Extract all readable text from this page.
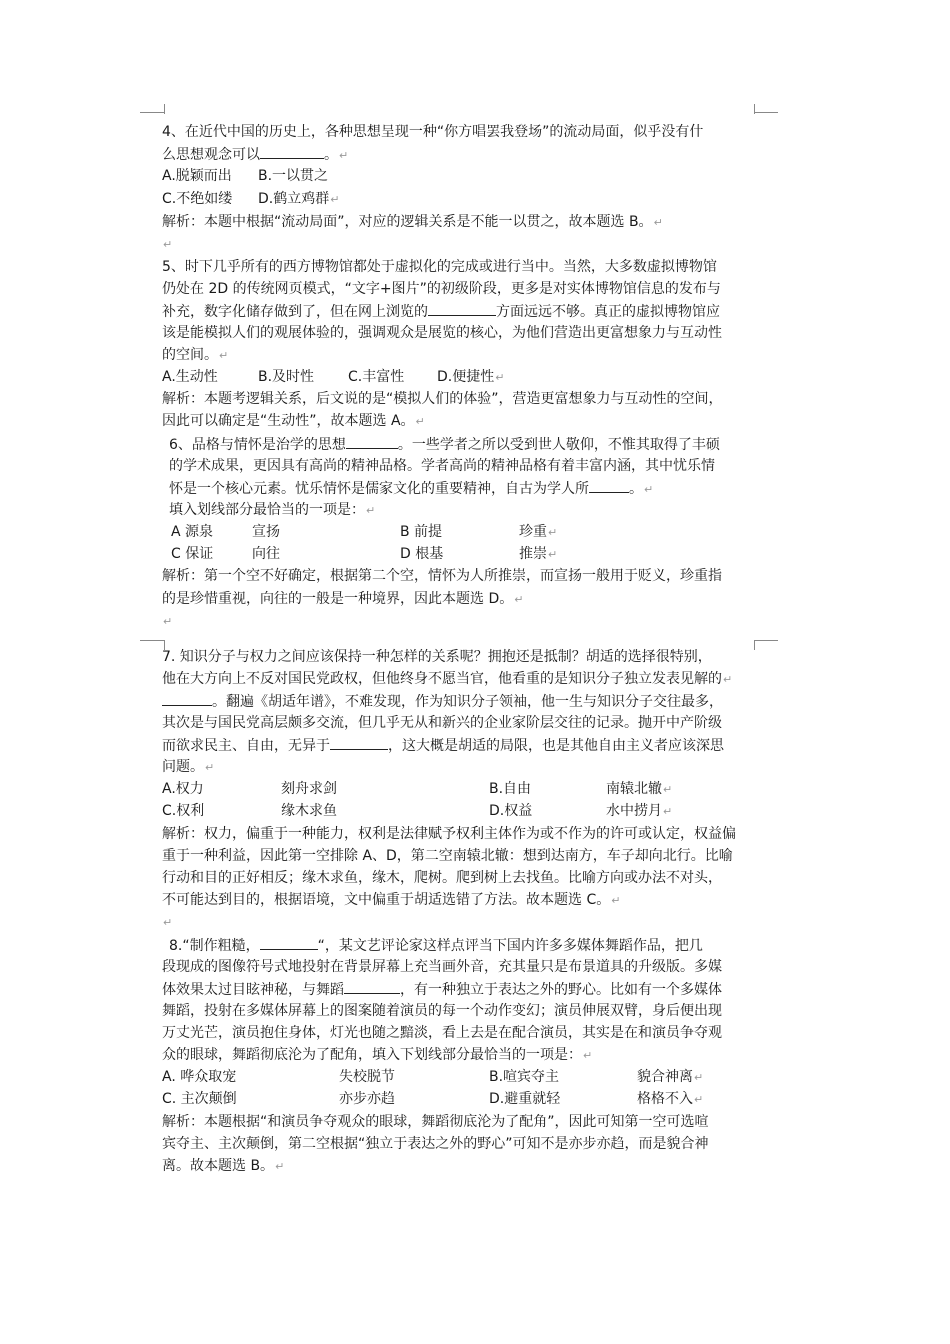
4、在近代中国的历史上，各种思想呈现一种“你方唱罢我登场”的流动局面，似乎没有什
么思想观念可以	。↵
A.脱颖而出 B.一以贯之
C.不绝如缕 D.鹤立鸡群↵
解析：本题中根据“流动局面”，对应的逻辑关系是不能一以贯之，故本题选 B。↵
↵
5、时下几乎所有的西方博物馆都处于虚拟化的完成或进行当中。当然，大多数虚拟博物馆
仍处在 2D 的传统网页模式，“文字+图片”的初级阶段，更多是对实体博物馆信息的发布与
补充，数字化储存做到了，但在网上浏览的	方面远远不够。真正的虚拟博物馆应
该是能模拟人们的观展体验的，强调观众是展览的核心，为他们营造出更富想象力与互动性
的空间。↵
A.生动性	B.及时性 C.丰富性 D.便捷性↵
解析：本题考逻辑关系，后文说的是“模拟人们的体验”，营造更富想象力与互动性的空间，
因此可以确定是“生动性”，故本题选 A。↵
6、品格与情怀是治学的思想	。一些学者之所以受到世人敬仰，不惟其取得了丰硕
的学术成果，更因具有高尚的精神品格。学者高尚的精神品格有着丰富内涵，其中忧乐情
怀是一个核心元素。忧乐情怀是儒家文化的重要精神，自古为学人所	。↵
填入划线部分最恰当的一项是：↵
A 源泉	宣扬	B 前提	珍重↵
C 保证	向往	D 根基	推崇↵
解析：第一个空不好确定，根据第二个空，情怀为人所推崇，而宣扬一般用于贬义，珍重指
的是珍惜重视，向往的一般是一种境界，因此本题选 D。↵
↵
7. 知识分子与权力之间应该保持一种怎样的关系呢？拥抱还是抵制？胡适的选择很特别，
他在大方向上不反对国民党政权，但他终身不愿当官，他看重的是知识分子独立发表见解的↵
。翻遍《胡适年谱》，不难发现，作为知识分子领袖，他一生与知识分子交往最多，
其次是与国民党高层颇多交流，但几乎无从和新兴的企业家阶层交往的记录。抛开中产阶级
而欲求民主、自由，无异于	，这大概是胡适的局限，也是其他自由主义者应该深思
问题。↵
A.权力	刻舟求剑	B.自由	南辕北辙↵
C.权利	缘木求鱼	D.权益	水中捞月↵
解析：权力，偏重于一种能力，权利是法律赋予权利主体作为或不作为的许可或认定，权益偏
重于一种利益，因此第一空排除 A、D，第二空南辕北辙：想到达南方，车子却向北行。比喻
行动和目的正好相反；缘木求鱼，缘木，爬树。爬到树上去找鱼。比喻方向或办法不对头，
不可能达到目的，根据语境，文中偏重于胡适选错了方法。故本题选 C。↵
↵
8.“制作粗糙，	“，某文艺评论家这样点评当下国内许多多媒体舞蹈作品，把几
段现成的图像符号式地投射在背景屏幕上充当画外音，充其量只是布景道具的升级版。多媒
体效果太过目眩神秘，与舞蹈	，有一种独立于表达之外的野心。比如有一个多媒体
舞蹈，投射在多媒体屏幕上的图案随着演员的每一个动作变幻；演员伸展双臂，身后便出现
万丈光芒，演员抱住身体，灯光也随之黯淡，看上去是在配合演员，其实是在和演员争夺观
众的眼球，舞蹈彻底沦为了配角，填入下划线部分最恰当的一项是：↵
A. 哗众取宠	失校脱节	B.喧宾夺主	貌合神离↵
C. 主次颠倒	亦步亦趋	D.避重就轻	格格不入↵
解析：本题根据“和演员争夺观众的眼球，舞蹈彻底沦为了配角”，因此可知第一空可选喧
宾夺主、主次颠倒，第二空根据“独立于表达之外的野心”可知不是亦步亦趋，而是貌合神
离。故本题选 B。↵
